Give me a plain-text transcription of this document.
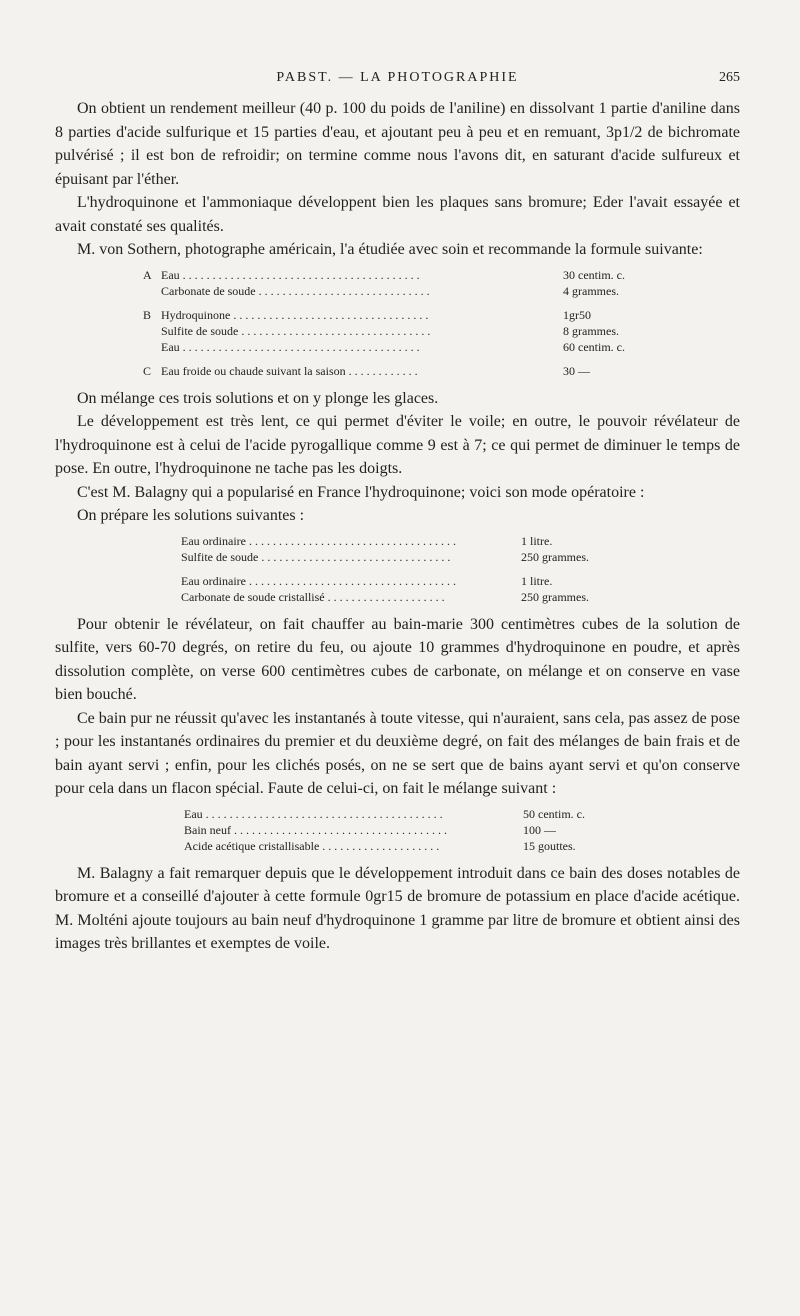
PABST. — LA PHOTOGRAPHIE	265

On obtient un rendement meilleur (40 p. 100 du poids de l'aniline) en dissolvant 1 partie d'aniline dans 8 parties d'acide sulfurique et 15 parties d'eau, et ajoutant peu à peu et en remuant, 3p1/2 de bichromate pulvérisé ; il est bon de refroidir; on termine comme nous l'avons dit, en saturant d'acide sulfureux et épuisant par l'éther.

L'hydroquinone et l'ammoniaque développent bien les plaques sans bromure; Eder l'avait essayée et avait constaté ses qualités.

M. von Sothern, photographe américain, l'a étudiée avec soin et recommande la formule suivante:

A Eau . . . . . . . . . . . . . . . . . . . . . . . . . . . . . . . . . . . . . . . .	30 centim. c.
Carbonate de soude . . . . . . . . . . . . . . . . . . . . . . . . . . . . .	4 grammes.
B Hydroquinone . . . . . . . . . . . . . . . . . . . . . . . . . . . . . . . . .	1gr50
Sulfite de soude . . . . . . . . . . . . . . . . . . . . . . . . . . . . . . . .	8 grammes.
Eau . . . . . . . . . . . . . . . . . . . . . . . . . . . . . . . . . . . . . . . .	60 centim. c.
C Eau froide ou chaude suivant la saison . . . . . . . . . . . .	30 —

On mélange ces trois solutions et on y plonge les glaces.

Le développement est très lent, ce qui permet d'éviter le voile; en outre, le pouvoir révélateur de l'hydroquinone est à celui de l'acide pyrogallique comme 9 est à 7; ce qui permet de diminuer le temps de pose. En outre, l'hydroquinone ne tache pas les doigts.

C'est M. Balagny qui a popularisé en France l'hydroquinone; voici son mode opératoire :

On prépare les solutions suivantes :

Eau ordinaire . . . . . . . . . . . . . . . . . . . . . . . . . . . . . . . . . . .	1 litre.
Sulfite de soude . . . . . . . . . . . . . . . . . . . . . . . . . . . . . . . .	250 grammes.
Eau ordinaire . . . . . . . . . . . . . . . . . . . . . . . . . . . . . . . . . . .	1 litre.
Carbonate de soude cristallisé . . . . . . . . . . . . . . . . . . . .	250 grammes.

Pour obtenir le révélateur, on fait chauffer au bain-marie 300 centimètres cubes de la solution de sulfite, vers 60-70 degrés, on retire du feu, ou ajoute 10 grammes d'hydroquinone en poudre, et après dissolution complète, on verse 600 centimètres cubes de carbonate, on mélange et on conserve en vase bien bouché.

Ce bain pur ne réussit qu'avec les instantanés à toute vitesse, qui n'auraient, sans cela, pas assez de pose ; pour les instantanés ordinaires du premier et du deuxième degré, on fait des mélanges de bain frais et de bain ayant servi ; enfin, pour les clichés posés, on ne se sert que de bains ayant servi et qu'on conserve pour cela dans un flacon spécial. Faute de celui-ci, on fait le mélange suivant :

Eau . . . . . . . . . . . . . . . . . . . . . . . . . . . . . . . . . . . . . . . .	50 centim. c.
Bain neuf . . . . . . . . . . . . . . . . . . . . . . . . . . . . . . . . . . . .	100 —
Acide acétique cristallisable . . . . . . . . . . . . . . . . . . . .	15 gouttes.

M. Balagny a fait remarquer depuis que le développement introduit dans ce bain des doses notables de bromure et a conseillé d'ajouter à cette formule 0gr15 de bromure de potassium en place d'acide acétique. M. Molténi ajoute toujours au bain neuf d'hydroquinone 1 gramme par litre de bromure et obtient ainsi des images très brillantes et exemptes de voile.
